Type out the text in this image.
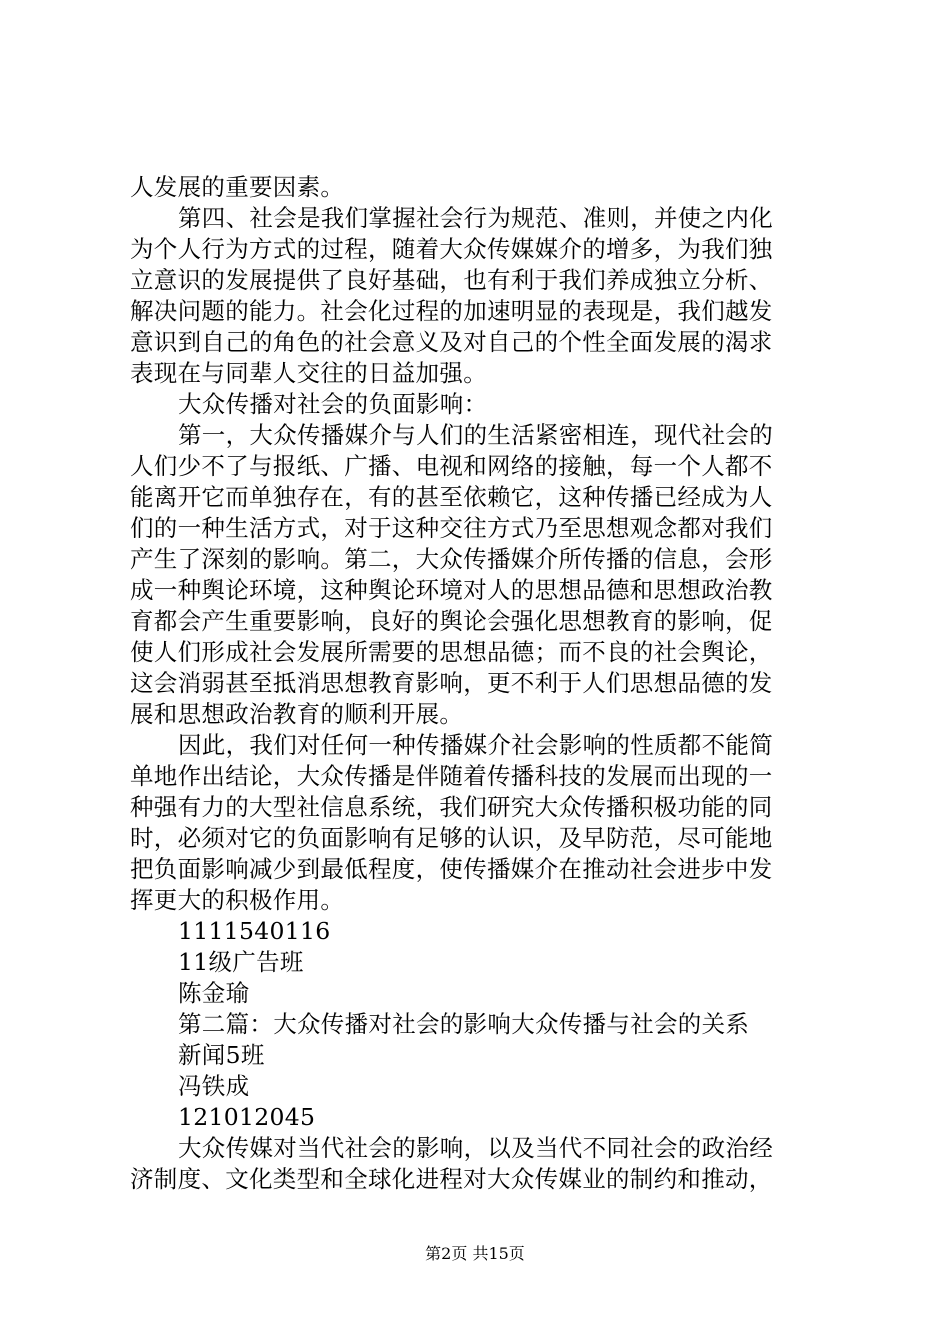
人发展的重要因素。
第四、社会是我们掌握社会行为规范、准则，并使之内化
为个人行为方式的过程，随着大众传媒媒介的增多，为我们独
立意识的发展提供了良好基础，也有利于我们养成独立分析、
解决问题的能力。社会化过程的加速明显的表现是，我们越发
意识到自己的角色的社会意义及对自己的个性全面发展的渴求
表现在与同辈人交往的日益加强。
大众传播对社会的负面影响：
第一，大众传播媒介与人们的生活紧密相连，现代社会的
人们少不了与报纸、广播、电视和网络的接触，每一个人都不
能离开它而单独存在，有的甚至依赖它，这种传播已经成为人
们的一种生活方式，对于这种交往方式乃至思想观念都对我们
产生了深刻的影响。第二，大众传播媒介所传播的信息，会形
成一种舆论环境，这种舆论环境对人的思想品德和思想政治教
育都会产生重要影响，良好的舆论会强化思想教育的影响，促
使人们形成社会发展所需要的思想品德；而不良的社会舆论，
这会消弱甚至抵消思想教育影响，更不利于人们思想品德的发
展和思想政治教育的顺利开展。
因此，我们对任何一种传播媒介社会影响的性质都不能简
单地作出结论，大众传播是伴随着传播科技的发展而出现的一
种强有力的大型社信息系统，我们研究大众传播积极功能的同
时，必须对它的负面影响有足够的认识，及早防范，尽可能地
把负面影响减少到最低程度，使传播媒介在推动社会进步中发
挥更大的积极作用。
1111540116
11级广告班
陈金瑜
第二篇：大众传播对社会的影响大众传播与社会的关系
新闻5班
冯铁成
121012045
大众传媒对当代社会的影响，以及当代不同社会的政治经
济制度、文化类型和全球化进程对大众传媒业的制约和推动，
第2页 共15页
